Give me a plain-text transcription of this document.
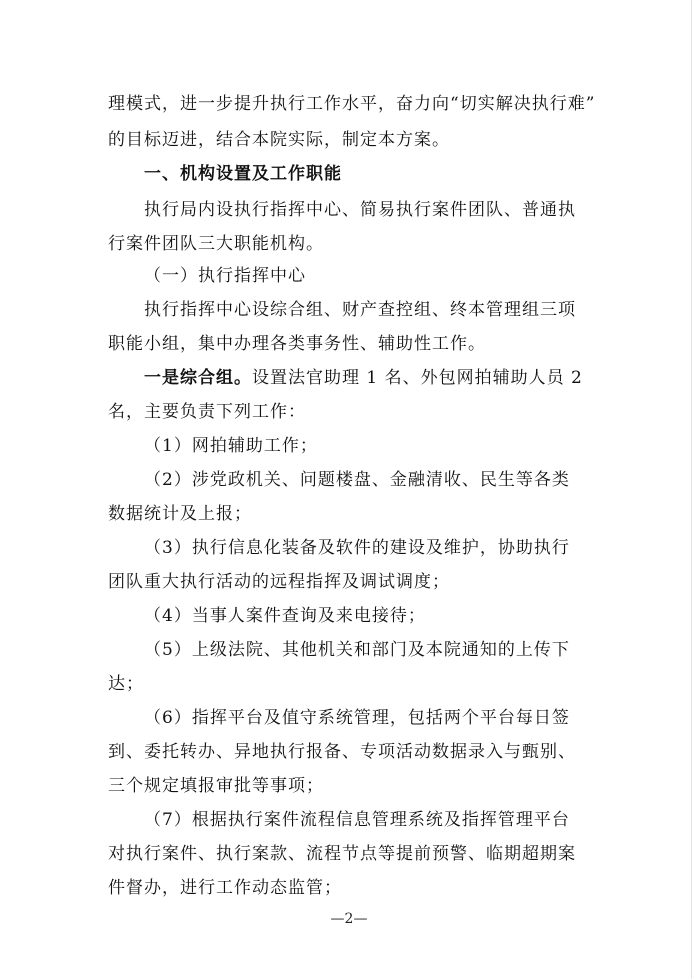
理模式，进一步提升执行工作水平，奋力向“切实解决执行难”
的目标迈进，结合本院实际，制定本方案。
一、机构设置及工作职能
执行局内设执行指挥中心、简易执行案件团队、普通执
行案件团队三大职能机构。
（一）执行指挥中心
执行指挥中心设综合组、财产查控组、终本管理组三项
职能小组，集中办理各类事务性、辅助性工作。
一是综合组。设置法官助理 1 名、外包网拍辅助人员 2
名，主要负责下列工作：
（1）网拍辅助工作；
（2）涉党政机关、问题楼盘、金融清收、民生等各类
数据统计及上报；
（3）执行信息化装备及软件的建设及维护，协助执行
团队重大执行活动的远程指挥及调试调度；
（4）当事人案件查询及来电接待；
（5）上级法院、其他机关和部门及本院通知的上传下
达；
（6）指挥平台及值守系统管理，包括两个平台每日签
到、委托转办、异地执行报备、专项活动数据录入与甄别、
三个规定填报审批等事项；
（7）根据执行案件流程信息管理系统及指挥管理平台
对执行案件、执行案款、流程节点等提前预警、临期超期案
件督办，进行工作动态监管；
—2—
